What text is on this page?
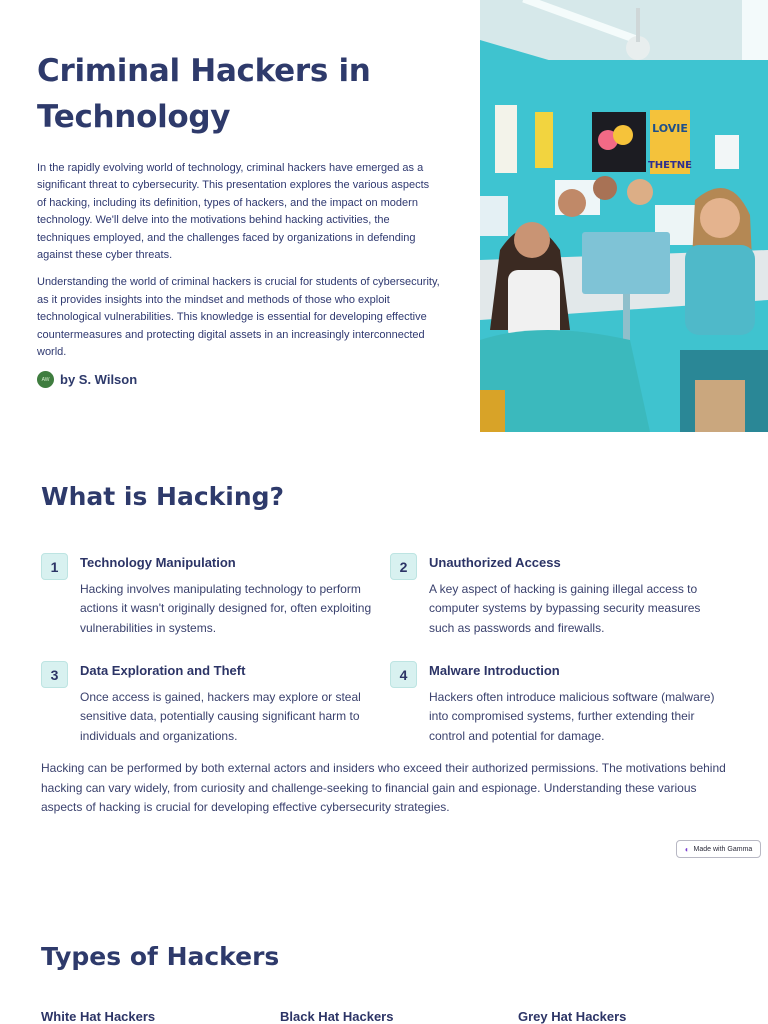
Criminal Hackers in Technology

In the rapidly evolving world of technology, criminal hackers have emerged as a significant threat to cybersecurity. This presentation explores the various aspects of hacking, including its definition, types of hackers, and the impact on modern technology. We'll delve into the motivations behind hacking activities, the techniques employed, and the challenges faced by organizations in defending against these cyber threats.

Understanding the world of criminal hackers is crucial for students of cybersecurity, as it provides insights into the mindset and methods of those who exploit technological vulnerabilities. This knowledge is essential for developing effective countermeasures and protecting digital assets in an increasingly interconnected world.

AW by S. Wilson
LOVIE
THETNE
What is Hacking?
1	Technology Manipulation

Hacking involves manipulating technology to perform actions it wasn't originally designed for, often exploiting vulnerabilities in systems.

2	Unauthorized Access

A key aspect of hacking is gaining illegal access to computer systems by bypassing security measures such as passwords and firewalls.

3	Data Exploration and Theft

Once access is gained, hackers may explore or steal sensitive data, potentially causing significant harm to individuals and organizations.

4	Malware Introduction

Hackers often introduce malicious software (malware) into compromised systems, further extending their control and potential for damage.

Hacking can be performed by both external actors and insiders who exceed their authorized permissions. The motivations behind hacking can vary widely, from curiosity and challenge-seeking to financial gain and espionage. Understanding these various aspects of hacking is crucial for developing effective cybersecurity strategies.

◐ Made with Gamma
Types of Hackers
White Hat Hackers	Black Hat Hackers	Grey Hat Hackers
